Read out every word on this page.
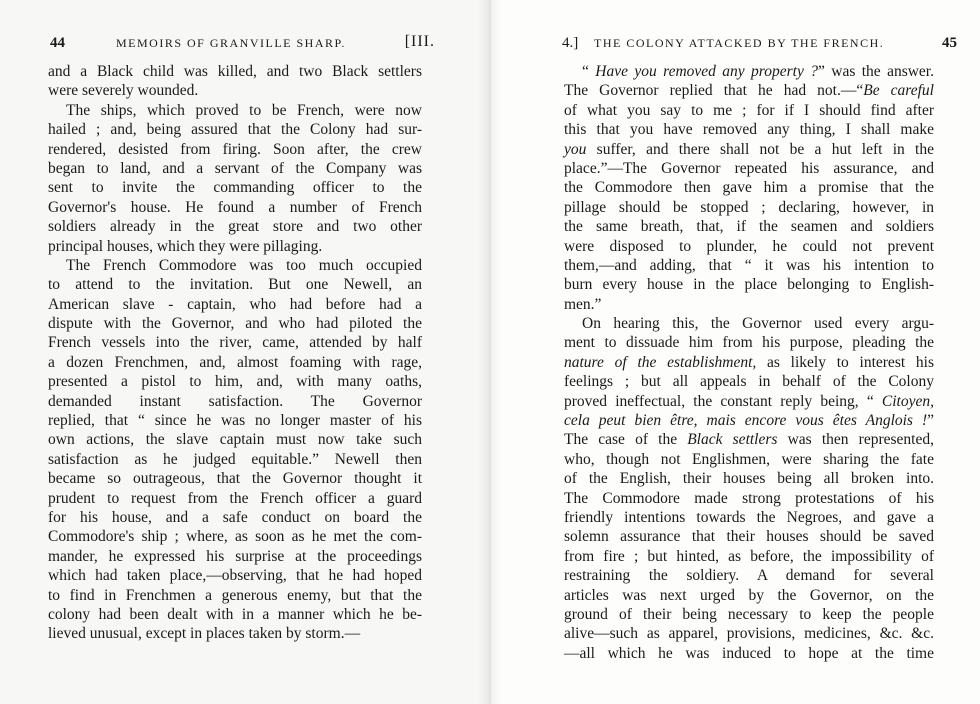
44	MEMOIRS OF GRANVILLE SHARP.	[III.
and a Black child was killed, and two Black settlers
were severely wounded.
The ships, which proved to be French, were now
hailed ; and, being assured that the Colony had sur-
rendered, desisted from firing. Soon after, the crew
began to land, and a servant of the Company was
sent to invite the commanding officer to the
Governor's house. He found a number of French
soldiers already in the great store and two other
principal houses, which they were pillaging.
The French Commodore was too much occupied
to attend to the invitation. But one Newell, an
American slave - captain, who had before had a
dispute with the Governor, and who had piloted the
French vessels into the river, came, attended by half
a dozen Frenchmen, and, almost foaming with rage,
presented a pistol to him, and, with many oaths,
demanded instant satisfaction. The Governor
replied, that “ since he was no longer master of his
own actions, the slave captain must now take such
satisfaction as he judged equitable.” Newell then
became so outrageous, that the Governor thought it
prudent to request from the French officer a guard
for his house, and a safe conduct on board the
Commodore's ship ; where, as soon as he met the com-
mander, he expressed his surprise at the proceedings
which had taken place,—observing, that he had hoped
to find in Frenchmen a generous enemy, but that the
colony had been dealt with in a manner which he be-
lieved unusual, except in places taken by storm.—
4.] THE COLONY ATTACKED BY THE FRENCH.	45
“ Have you removed any property ?” was the answer.
The Governor replied that he had not.—“Be careful
of what you say to me ; for if I should find after
this that you have removed any thing, I shall make
you suffer, and there shall not be a hut left in the
place.”—The Governor repeated his assurance, and
the Commodore then gave him a promise that the
pillage should be stopped ; declaring, however, in
the same breath, that, if the seamen and soldiers
were disposed to plunder, he could not prevent
them,—and adding, that “ it was his intention to
burn every house in the place belonging to English-
men.”
On hearing this, the Governor used every argu-
ment to dissuade him from his purpose, pleading the
nature of the establishment, as likely to interest his
feelings ; but all appeals in behalf of the Colony
proved ineffectual, the constant reply being, “ Citoyen,
cela peut bien être, mais encore vous êtes Anglois !”
The case of the Black settlers was then represented,
who, though not Englishmen, were sharing the fate
of the English, their houses being all broken into.
The Commodore made strong protestations of his
friendly intentions towards the Negroes, and gave a
solemn assurance that their houses should be saved
from fire ; but hinted, as before, the impossibility of
restraining the soldiery. A demand for several
articles was next urged by the Governor, on the
ground of their being necessary to keep the people
alive—such as apparel, provisions, medicines, &c. &c.
—all which he was induced to hope at the time
